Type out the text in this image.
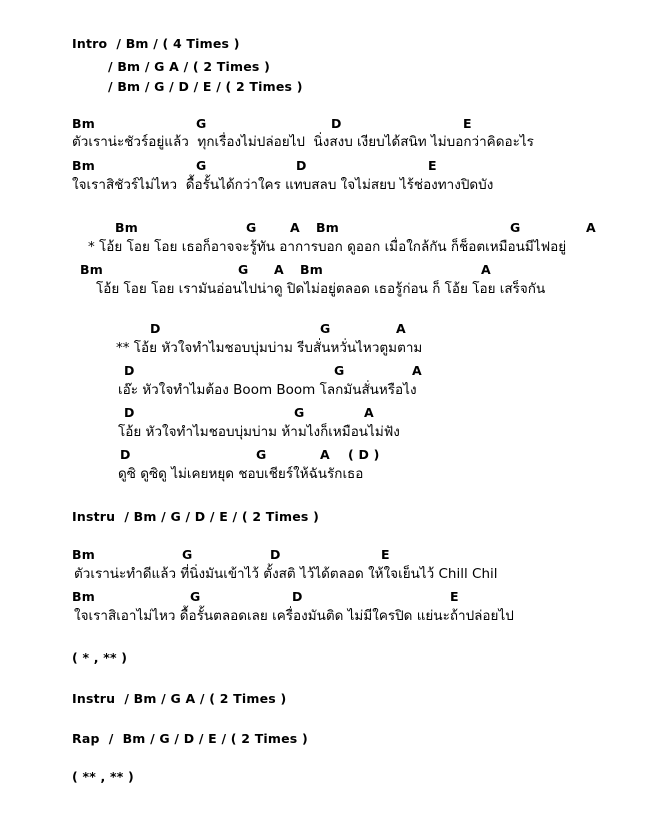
Intro  / Bm / ( 4 Times )
/ Bm / G A / ( 2 Times )
/ Bm / G / D / E / ( 2 Times )
Bm	G	D	E
ตัวเราน่ะชัวร์อยู่แล้ว  ทุกเรื่องไม่ปล่อยไป  นิ่งสงบ เงียบได้สนิท ไม่บอกว่าคิดอะไร
Bm	G	D	E
ใจเราสิชัวร์ไม่ไหว  ดื้อรั้นได้กว่าใคร แทบสลบ ใจไม่สยบ ไร้ช่องทางปิดบัง
Bm	G	A Bm	G	A
* โอ้ย โอย โอย เธอก็อาจจะรู้ทัน อาการบอก ดูออก เมื่อใกล้กัน ก็ช็อตเหมือนมีไฟอยู่
Bm	G A Bm	A
โอ้ย โอย โอย เรามันอ่อนไปน่าดู ปิดไม่อยู่ตลอด เธอรู้ก่อน ก็ โอ้ย โอย เสร็จกัน
D	G	A
** โอ้ย หัวใจทำไมชอบบุ่มบ่าม รีบสั่นหวั่นไหวตูมตาม
D	G	A
เอ๊ะ หัวใจทำไมต้อง Boom Boom โลกมันสั่นหรือไง
D	G	A
โอ้ย หัวใจทำไมชอบบุ่มบ่าม ห้ามไงก็เหมือนไม่ฟัง
D	G	A ( D )
ดูซิ ดูซิดู ไม่เคยหยุด ชอบเชียร์ให้ฉันรักเธอ
Instru  / Bm / G / D / E / ( 2 Times )
Bm	G	D	E
ตัวเราน่ะทำดีแล้ว ที่นิ่งมันเข้าไว้ ตั้งสติ ไว้ได้ตลอด ให้ใจเย็นไว้ Chill Chil
Bm	G	D	E
ใจเราสิเอาไม่ไหว ดื้อรั้นตลอดเลย เครื่องมันติด ไม่มีใครปิด แย่นะถ้าปล่อยไป
( * , ** )
Instru  / Bm / G A / ( 2 Times )
Rap  /  Bm / G / D / E / ( 2 Times )
( ** , ** )
